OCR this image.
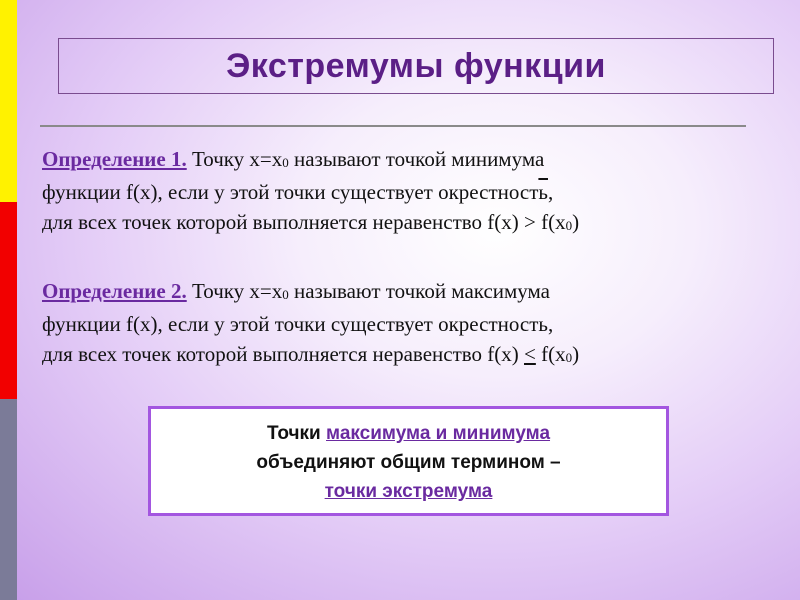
Экстремумы функции
Определение 1. Точку x=x0 называют точкой минимума
функции f(x), если у этой точки существует окрестность,
для всех точек которой выполняется неравенство f(x) > f(x0)
Определение 2. Точку x=x0 называют точкой максимума
функции f(x), если у этой точки существует окрестность,
для всех точек которой выполняется неравенство f(x) ≤ f(x0)
Точки максимума и минимума
объединяют общим термином –
точки экстремума
